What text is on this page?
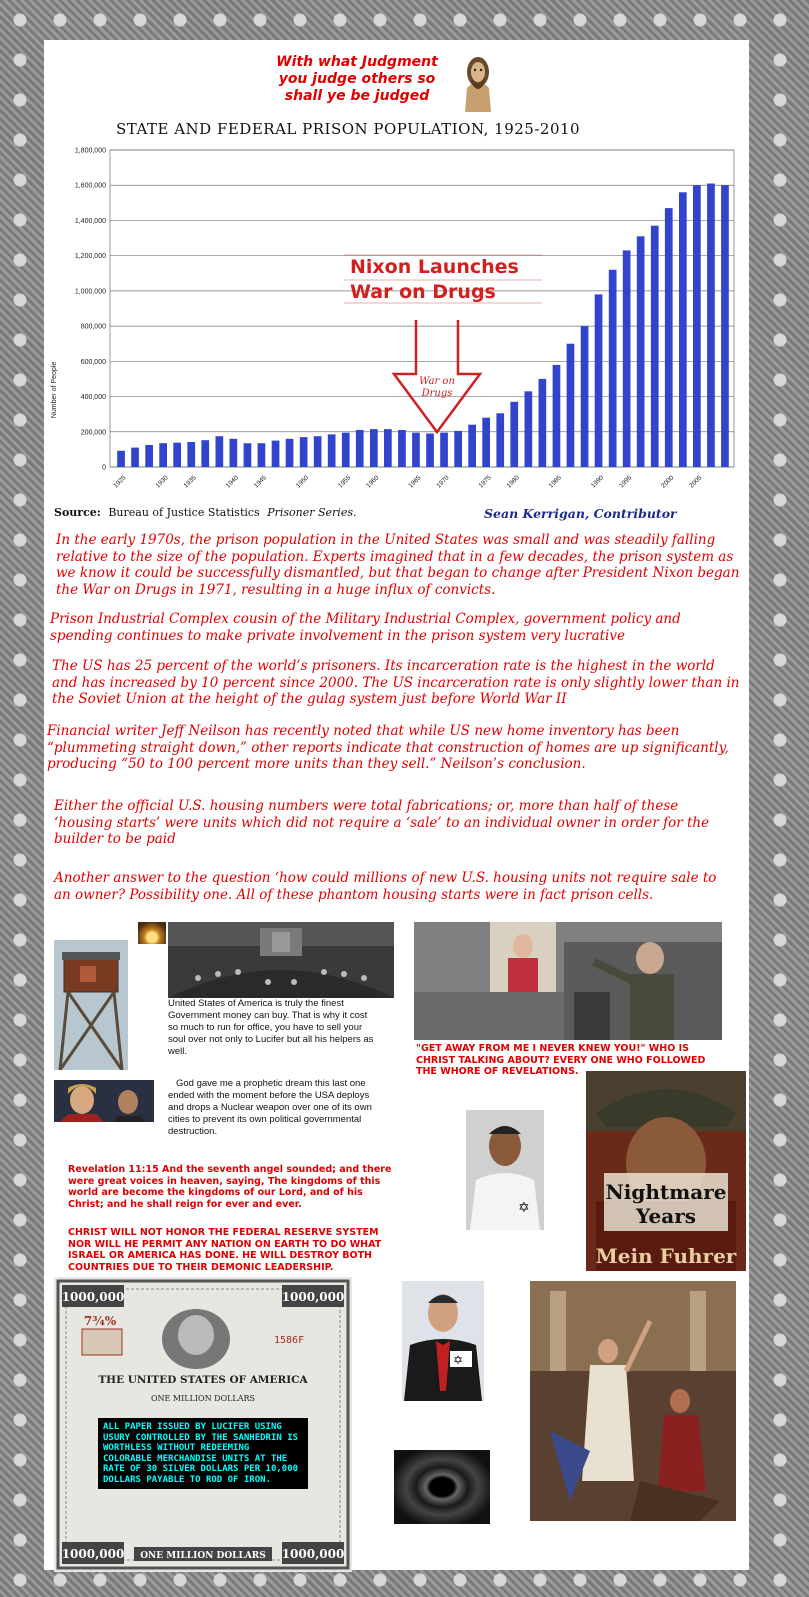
With what Judgment
you judge others so
shall ye be judged
STATE AND FEDERAL PRISON POPULATION, 1925-2010
Number of People
0
200,000
400,000
600,000
800,000
1,000,000
1,200,000
1,400,000
1,600,000
1,800,000
1925	1930 1935	1940 1945	1950	1955 1960	1965 1970	1975 1980	1985	1990 1995	2000 2005
Nixon Launches
War on Drugs
War on
Drugs
Source: Bureau of Justice Statistics Prisoner Series.	Sean Kerrigan, Contributor
In the early 1970s, the prison population in the United States was small and was steadily falling relative to the size of the population. Experts imagined that in a few decades, the prison system as we know it could be successfully dismantled, but that began to change after President Nixon began the War on Drugs in 1971, resulting in a huge influx of convicts.
Prison Industrial Complex cousin of the Military Industrial Complex, government policy and spending continues to make private involvement in the prison system very lucrative
The US has 25 percent of the world’s prisoners. Its incarceration rate is the highest in the world and has increased by 10 percent since 2000. The US incarceration rate is only slightly lower than in the Soviet Union at the height of the gulag system just before World War II
Financial writer Jeff Neilson has recently noted that while US new home inventory has been “plummeting straight down,” other reports indicate that construction of homes are up significantly, producing “50 to 100 percent more units than they sell.” Neilson’s conclusion.
Either the official U.S. housing numbers were total fabrications; or, more than half of these ‘housing starts’ were units which did not require a ‘sale’ to an individual owner in order for the builder to be paid
Another answer to the question ‘how could millions of new U.S. housing units not require sale to an owner? Possibility one. All of these phantom housing starts were in fact prison cells.
United States of America is truly the finest Government money can buy. That is why it cost so much to run for office, you have to sell your soul over not only to Lucifer but all his helpers as well.
God gave me a prophetic dream this last one ended with the moment before the USA deploys and drops a Nuclear weapon over one of its own cities to prevent its own political governmental destruction.
"GET AWAY FROM ME I NEVER KNEW YOU!" WHO IS CHRIST TALKING ABOUT? EVERY ONE WHO FOLLOWED THE WHORE OF REVELATIONS.
✡
Nightmare
Years
Mein Fuhrer
Revelation 11:15 And the seventh angel sounded; and there were great voices in heaven, saying, The kingdoms of this world are become the kingdoms of our Lord, and of his Christ; and he shall reign for ever and ever.
CHRIST WILL NOT HONOR THE FEDERAL RESERVE SYSTEM NOR WILL HE PERMIT ANY NATION ON EARTH TO DO WHAT ISRAEL OR AMERICA HAS DONE. HE WILL DESTROY BOTH COUNTRIES DUE TO THEIR DEMONIC LEADERSHIP.
1000,000	1000,000
1000,000	1000,000
7¾%
1586F
THE UNITED STATES OF AMERICA
ONE MILLION DOLLARS
ONE MILLION DOLLARS
ALL PAPER ISSUED BY LUCIFER USING USURY CONTROLLED BY THE SANHEDRIN IS WORTHLESS WITHOUT REDEEMING COLORABLE MERCHANDISE UNITS AT THE RATE OF 30 SILVER DOLLARS PER 10,000 DOLLARS PAYABLE TO ROD OF IRON.
✡
